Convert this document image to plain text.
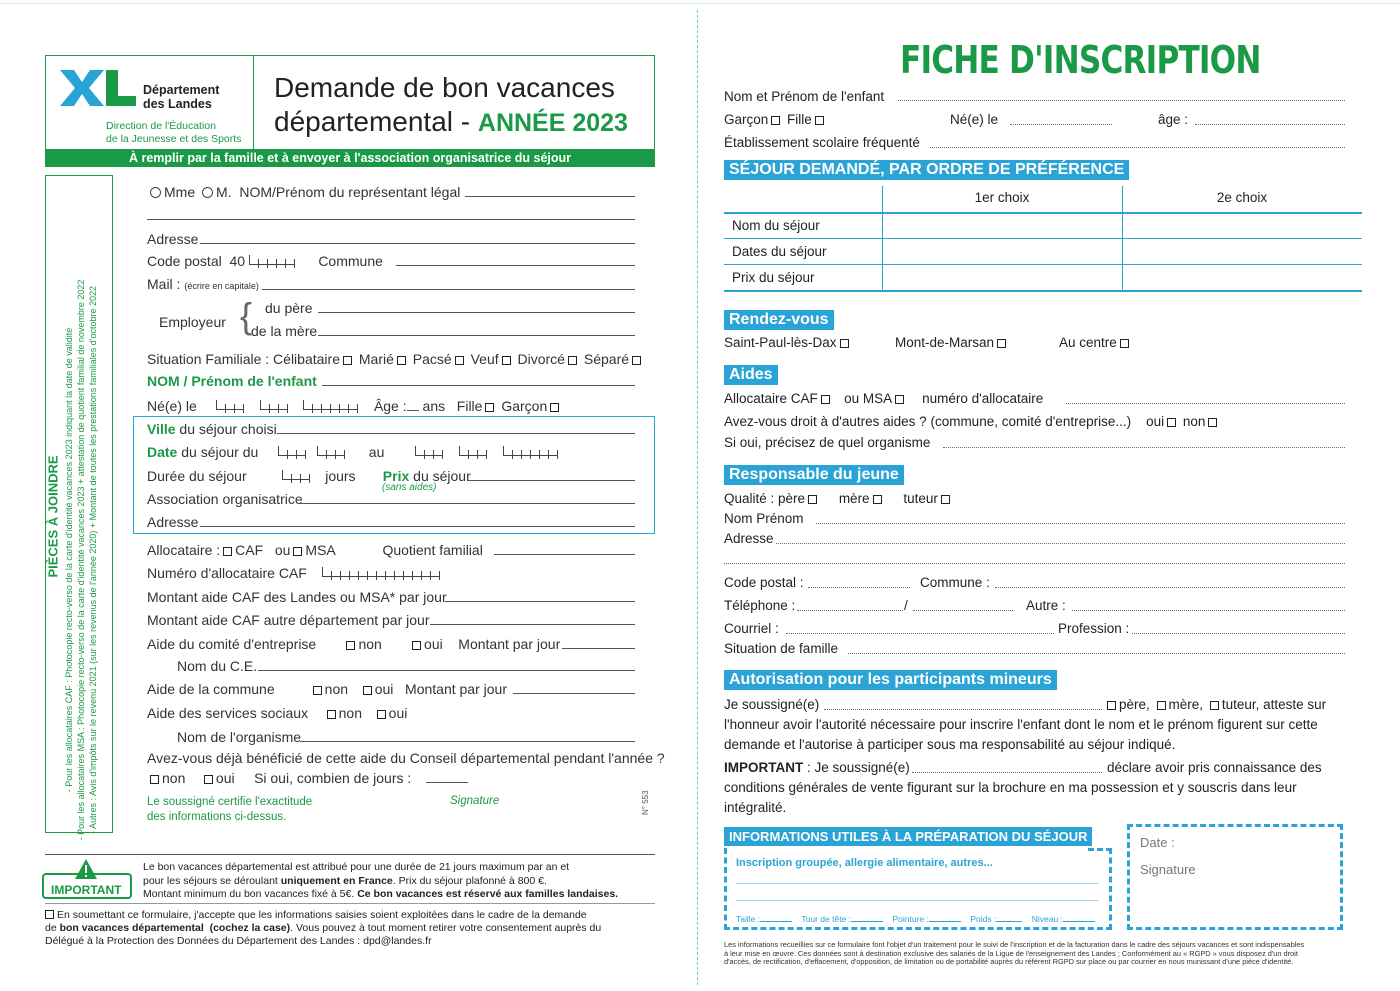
Département
des Landes
Direction de l'Éducation
de la Jeunesse et des Sports
Demande de bon vacances
départemental - ANNÉE 2023
À remplir par la famille et à envoyer à l'association organisatrice du séjour
PIÈCES À JOINDRE - Pour les allocataires CAF : Photocopie recto-verso de la carte d'identité vacances 2023 indiquant la date de validité - Pour les allocataires MSA : Photocopie recto-verso de la carte d'identité vacances 2023 + attestation de quotient familial de novembre 2022 - Autres : Avis d'impôts sur le revenu 2021 (sur les revenus de l'année 2020) + Montant de toutes les prestations familiales d'octobre 2022
Mme M. NOM/Prénom du représentant légal
Adresse
Code postal 40	Commune
Mail : (écrire en capitale)
Employeur { du père
de la mère
Situation Familiale : Célibataire Marié Pacsé Veuf Divorcé Séparé
NOM / Prénom de l'enfant
Né(e) le	Âge : ans Fille Garçon
Ville du séjour choisi
Date du séjour du	au
Durée du séjour	jours Prix du séjour
(sans aides)
Association organisatrice
Adresse
Allocataire : CAF ou MSA	Quotient familial
Numéro d'allocataire CAF
Montant aide CAF des Landes ou MSA* par jour
Montant aide CAF autre département par jour
Aide du comité d'entreprise	non	oui Montant par jour
Nom du C.E.
Aide de la commune	non oui Montant par jour
Aide des services sociaux non oui
Nom de l'organisme
Avez-vous déjà bénéficié de cette aide du Conseil départemental pendant l'année ?
non oui Si oui, combien de jours :
Le soussigné certifie l'exactitude
des informations ci-dessus.
Signature	N° 553
IMPORTANT
Le bon vacances départemental est attribué pour une durée de 21 jours maximum par an et
pour les séjours se déroulant uniquement en France. Prix du séjour plafonné à 800 €.
Montant minimum du bon vacances fixé à 5€. Ce bon vacances est réservé aux familles landaises.
En soumettant ce formulaire, j'accepte que les informations saisies soient exploitées dans le cadre de la demande
de bon vacances départemental (cochez la case). Vous pouvez à tout moment retirer votre consentement auprès du
Délégué à la Protection des Données du Département des Landes : dpd@landes.fr
FICHE D'INSCRIPTION
Nom et Prénom de l'enfant
Garçon Fille	Né(e) le	âge :
Établissement scolaire fréquenté
SÉJOUR DEMANDÉ, PAR ORDRE DE PRÉFÉRENCE
1er choix	2e choix
Nom du séjour
Dates du séjour
Prix du séjour
Rendez-vous
Saint-Paul-lès-Dax	Mont-de-Marsan	Au centre
Aides
Allocataire CAF ou MSA numéro d'allocataire
Avez-vous droit à d'autres aides ? (commune, comité d'entreprise...) oui non
Si oui, précisez de quel organisme
Responsable du jeune
Qualité : père	mère	tuteur
Nom Prénom
Adresse
Code postal :	Commune :
Téléphone :	/	Autre :
Courriel :	Profession :
Situation de famille
Autorisation pour les participants mineurs
Je soussigné(e)	père, mère, tuteur, atteste sur
l'honneur avoir l'autorité nécessaire pour inscrire l'enfant dont le nom et le prénom figurent sur cette
demande et l'autorise à participer sous ma responsabilité au séjour indiqué.
IMPORTANT : Je soussigné(e)	déclare avoir pris connaissance des
conditions générales de vente figurant sur la brochure en ma possession et y souscris dans leur
intégralité.
INFORMATIONS UTILES À LA PRÉPARATION DU SÉJOUR
Inscription groupée, allergie alimentaire, autres...
Taille :	Tour de tête :	Pointure :	Poids :	Niveau :
Date :
Signature
Les informations recueillies sur ce formulaire font l'objet d'un traitement pour le suivi de l'inscription et de la facturation dans le cadre des séjours vacances et sont indispensables
à leur mise en œuvre. Ces données sont à destination exclusive des salariés de la Ligue de l'enseignement des Landes ; Conformément au « RGPD » vous disposez d'un droit
d'accès, de rectification, d'effacement, d'opposition, de limitation ou de portabilité auprès du référent RGPD sur place ou par courrier en nous munissant d'une pièce d'identité.
